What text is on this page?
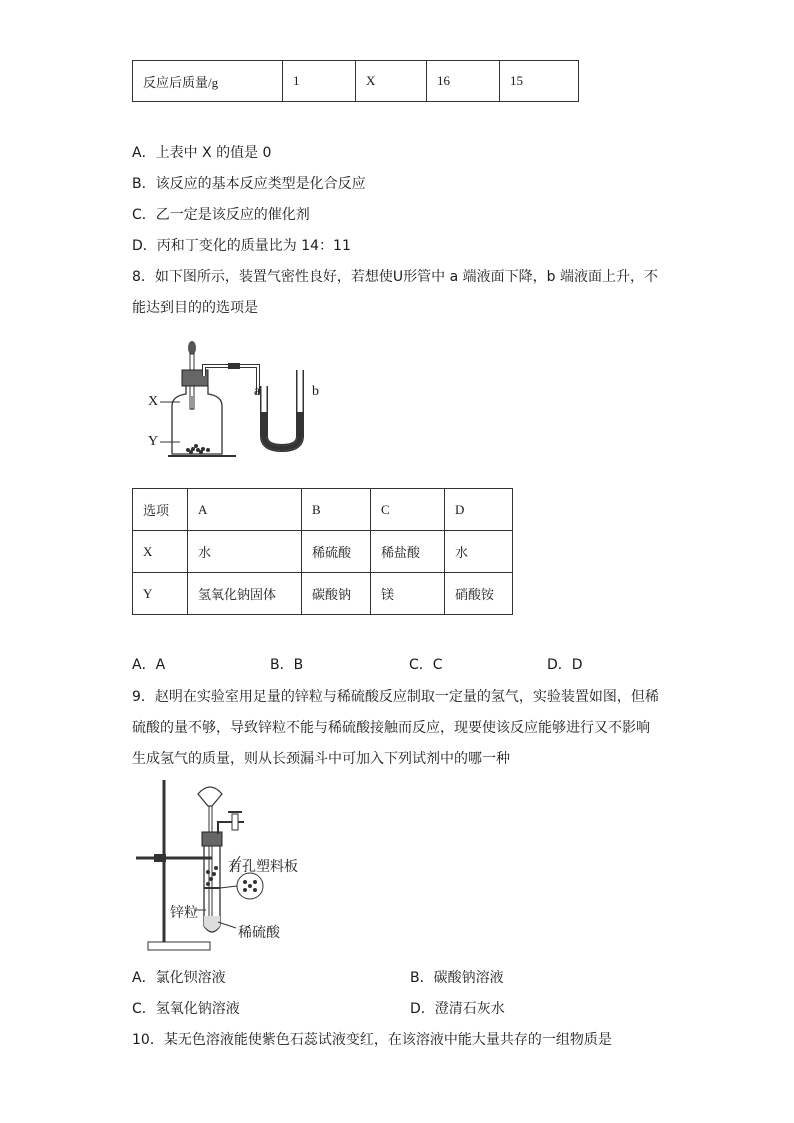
反应后质量/g	1	X	16	15
A．上表中 X 的值是 0
B．该反应的基本反应类型是化合反应
C．乙一定是该反应的催化剂
D．丙和丁变化的质量比为 14：11
8．如下图所示，装置气密性良好，若想使U形管中 a 端液面下降，b 端液面上升，不
能达到目的的选项是
X
Y
a	b
选项	A	B	C	D
X	水	稀硫酸	稀盐酸	水
Y	氢氧化钠固体	碳酸钠	镁	硝酸铵
A．A	B．B	C．C	D．D
9．赵明在实验室用足量的锌粒与稀硫酸反应制取一定量的氢气，实验装置如图，但稀
硫酸的量不够，导致锌粒不能与稀硫酸接触而反应，现要使该反应能够进行又不影响
生成氢气的质量，则从长颈漏斗中可加入下列试剂中的哪一种
有孔塑料板
锌粒
稀硫酸
A．氯化钡溶液	B．碳酸钠溶液
C．氢氧化钠溶液	D．澄清石灰水
10．某无色溶液能使紫色石蕊试液变红，在该溶液中能大量共存的一组物质是
